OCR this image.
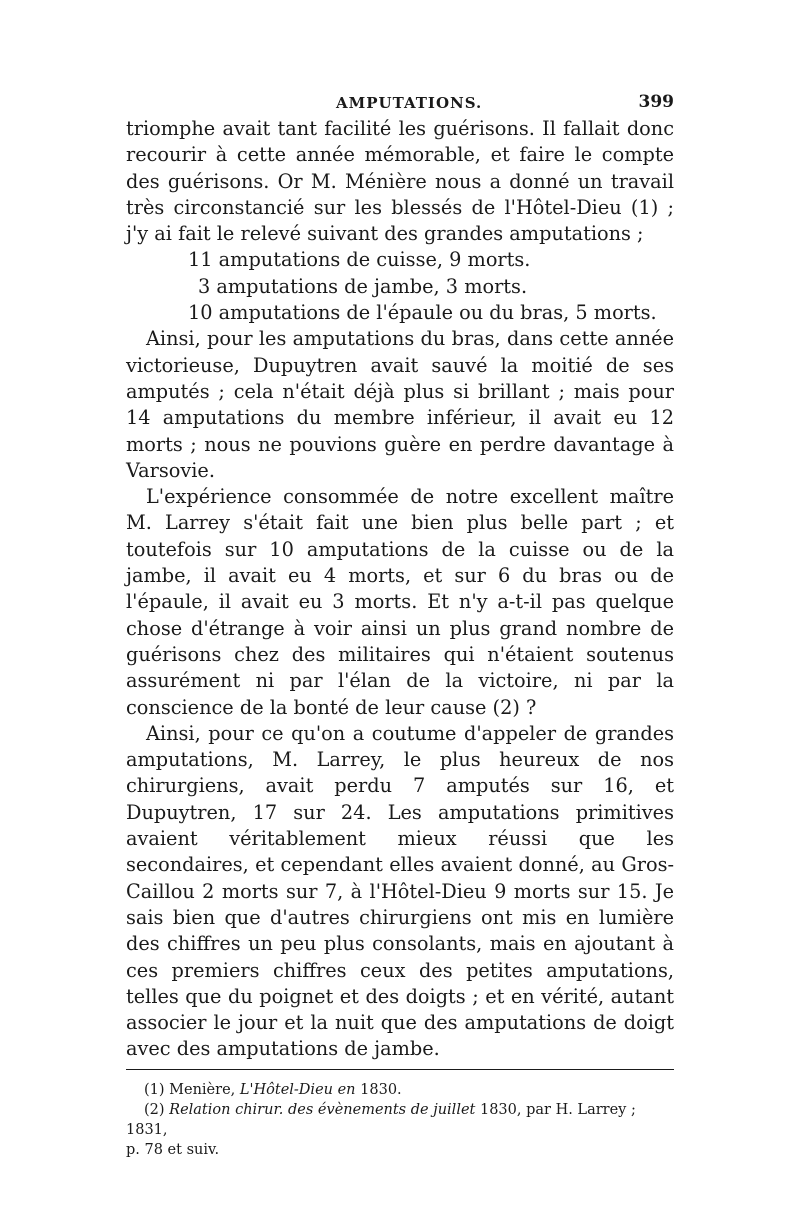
AMPUTATIONS.	399

triomphe avait tant facilité les guérisons. Il fallait donc recourir à cette année mémorable, et faire le compte des guérisons. Or M. Ménière nous a donné un travail très circonstancié sur les blessés de l'Hôtel-Dieu (1) ; j'y ai fait le relevé suivant des grandes amputations ;

11 amputations de cuisse, 9 morts.
3 amputations de jambe, 3 morts.
10 amputations de l'épaule ou du bras, 5 morts.

Ainsi, pour les amputations du bras, dans cette année victorieuse, Dupuytren avait sauvé la moitié de ses amputés ; cela n'était déjà plus si brillant ; mais pour 14 amputations du membre inférieur, il avait eu 12 morts ; nous ne pouvions guère en perdre davantage à Varsovie.

L'expérience consommée de notre excellent maître M. Larrey s'était fait une bien plus belle part ; et toutefois sur 10 amputations de la cuisse ou de la jambe, il avait eu 4 morts, et sur 6 du bras ou de l'épaule, il avait eu 3 morts. Et n'y a-t-il pas quelque chose d'étrange à voir ainsi un plus grand nombre de guérisons chez des militaires qui n'étaient soutenus assurément ni par l'élan de la victoire, ni par la conscience de la bonté de leur cause (2) ?

Ainsi, pour ce qu'on a coutume d'appeler de grandes amputations, M. Larrey, le plus heureux de nos chirurgiens, avait perdu 7 amputés sur 16, et Dupuytren, 17 sur 24. Les amputations primitives avaient véritablement mieux réussi que les secondaires, et cependant elles avaient donné, au Gros-Caillou 2 morts sur 7, à l'Hôtel-Dieu 9 morts sur 15. Je sais bien que d'autres chirurgiens ont mis en lumière des chiffres un peu plus consolants, mais en ajoutant à ces premiers chiffres ceux des petites amputations, telles que du poignet et des doigts ; et en vérité, autant associer le jour et la nuit que des amputations de doigt avec des amputations de jambe.

(1) Menière, L'Hôtel-Dieu en 1830.

(2) Relation chirur. des évènements de juillet 1830, par H. Larrey ; 1831,

p. 78 et suiv.
